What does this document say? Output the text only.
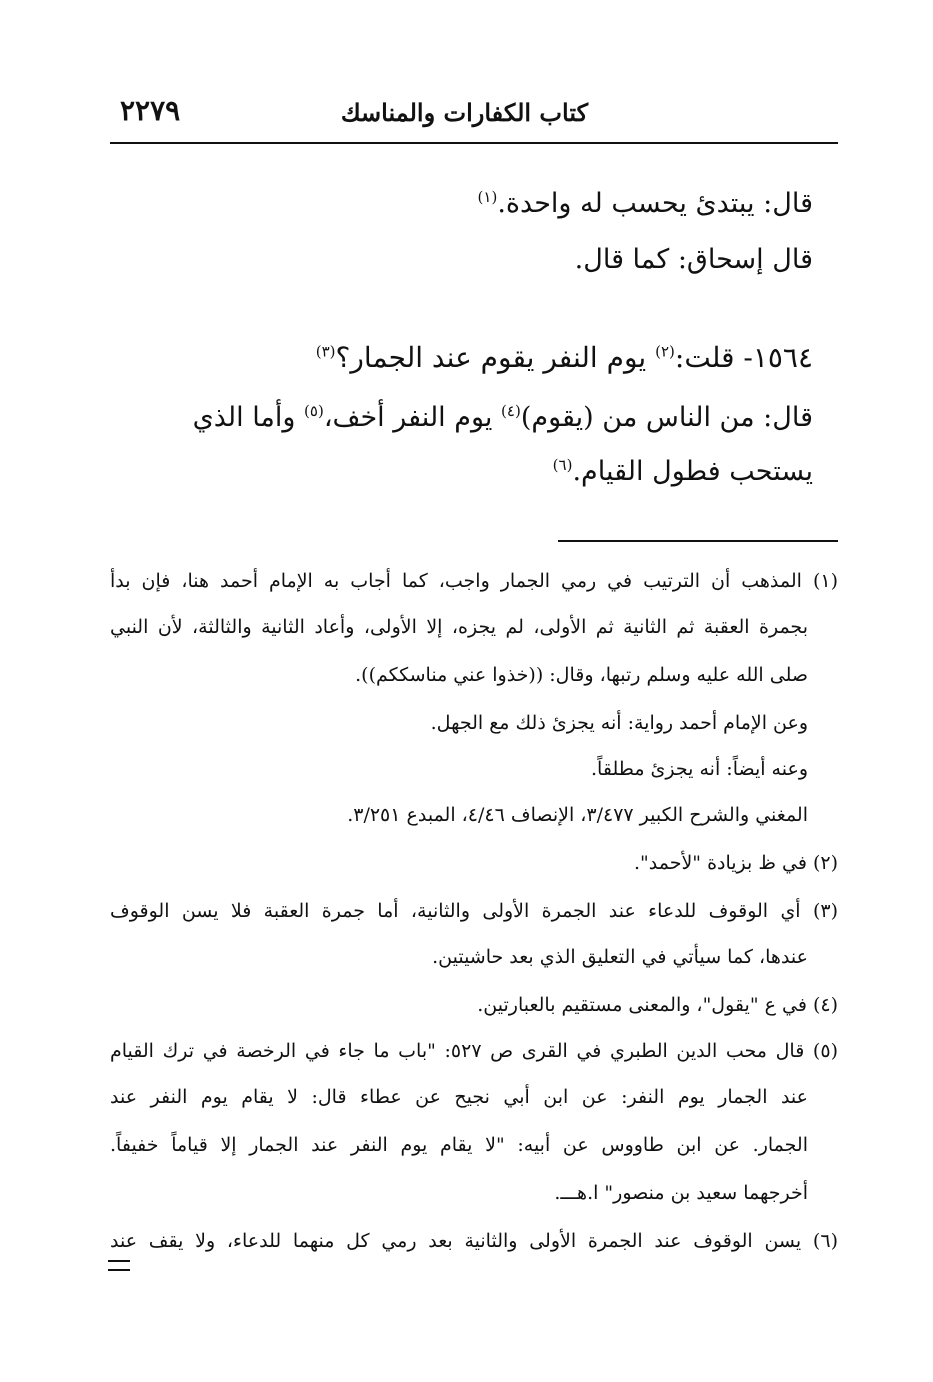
كتاب الكفارات والمناسك
٢٢٧٩
قال: يبتدئ يحسب له واحدة.$^{(١)}$
قال إسحاق: كما قال.
١٥٦٤- قلت:$^{(٢)}$ يوم النفر يقوم عند الجمار؟$^{(٣)}$
قال: من الناس من (يقوم)$^{(٤)}$ يوم النفر أخف،$^{(٥)}$ وأما الذي
يستحب فطول القيام.$^{(٦)}$
(١) المذهب أن الترتيب في رمي الجمار واجب، كما أجاب به الإمام أحمد هنا، فإن بدأ
بجمرة العقبة ثم الثانية ثم الأولى، لم يجزه، إلا الأولى، وأعاد الثانية والثالثة، لأن النبي
صلى الله عليه وسلم رتبها، وقال: ((خذوا عني مناسككم)).
وعن الإمام أحمد رواية: أنه يجزئ ذلك مع الجهل.
وعنه أيضاً: أنه يجزئ مطلقاً.
المغني والشرح الكبير ٣/٤٧٧، الإنصاف ٤/٤٦، المبدع ٣/٢٥١.
(٢) في ظ بزيادة "لأحمد".
(٣) أي الوقوف للدعاء عند الجمرة الأولى والثانية، أما جمرة العقبة فلا يسن الوقوف
عندها، كما سيأتي في التعليق الذي بعد حاشيتين.
(٤) في ع "يقول"، والمعنى مستقيم بالعبارتين.
(٥) قال محب الدين الطبري في القرى ص ٥٢٧: "باب ما جاء في الرخصة في ترك القيام
عند الجمار يوم النفر: عن ابن أبي نجيح عن عطاء قال: لا يقام يوم النفر عند
الجمار. عن ابن طاووس عن أبيه: "لا يقام يوم النفر عند الجمار إلا قياماً خفيفاً.
أخرجهما سعيد بن منصور" ا.هـــ.
(٦) يسن الوقوف عند الجمرة الأولى والثانية بعد رمي كل منهما للدعاء، ولا يقف عند
